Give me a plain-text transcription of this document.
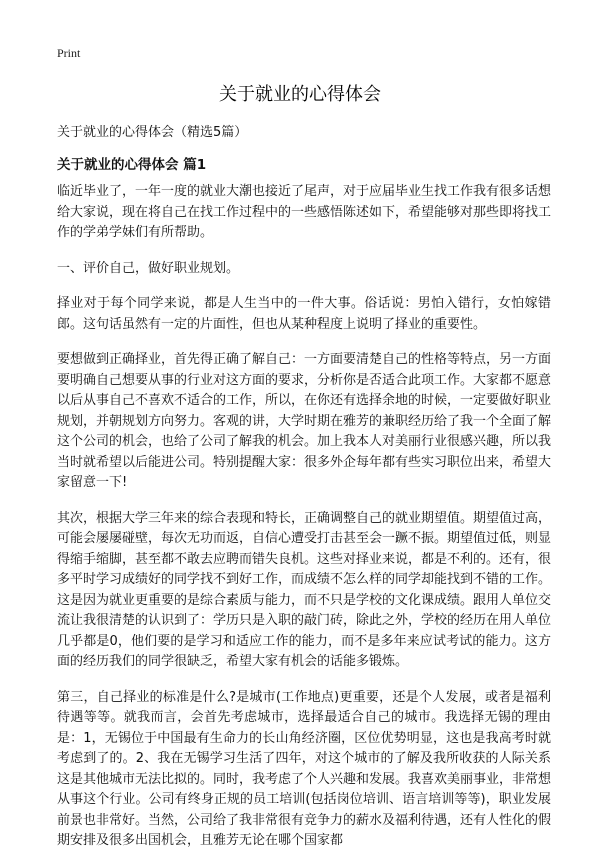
Print
关于就业的心得体会

关于就业的心得体会（精选5篇）

关于就业的心得体会 篇1

临近毕业了，一年一度的就业大潮也接近了尾声，对于应届毕业生找工作我有很多话想给大家说，现在将自己在找工作过程中的一些感悟陈述如下，希望能够对那些即将找工作的学弟学妹们有所帮助。

一、评价自己，做好职业规划。

择业对于每个同学来说，都是人生当中的一件大事。俗话说：男怕入错行，女怕嫁错郎。这句话虽然有一定的片面性，但也从某种程度上说明了择业的重要性。

要想做到正确择业，首先得正确了解自己：一方面要清楚自己的性格等特点，另一方面要明确自己想要从事的行业对这方面的要求，分析你是否适合此项工作。大家都不愿意以后从事自己不喜欢不适合的工作，所以，在你还有选择余地的时候，一定要做好职业规划，并朝规划方向努力。客观的讲，大学时期在雅芳的兼职经历给了我一个全面了解这个公司的机会，也给了公司了解我的机会。加上我本人对美丽行业很感兴趣，所以我当时就希望以后能进公司。特别提醒大家：很多外企每年都有些实习职位出来，希望大家留意一下!

其次，根据大学三年来的综合表现和特长，正确调整自己的就业期望值。期望值过高，可能会屡屡碰壁，每次无功而返，自信心遭受打击甚至会一蹶不振。期望值过低，则显得缩手缩脚，甚至都不敢去应聘而错失良机。这些对择业来说，都是不利的。还有，很多平时学习成绩好的同学找不到好工作，而成绩不怎么样的同学却能找到不错的工作。这是因为就业更重要的是综合素质与能力，而不只是学校的文化课成绩。跟用人单位交流让我很清楚的认识到了：学历只是入职的敲门砖，除此之外，学校的经历在用人单位几乎都是0，他们要的是学习和适应工作的能力，而不是多年来应试考试的能力。这方面的经历我们的同学很缺乏，希望大家有机会的话能多锻炼。

第三，自己择业的标准是什么?是城市(工作地点)更重要，还是个人发展，或者是福利待遇等等。就我而言，会首先考虑城市，选择最适合自己的城市。我选择无锡的理由是：1，无锡位于中国最有生命力的长山角经济圈，区位优势明显，这也是我高考时就考虑到了的。2、我在无锡学习生活了四年，对这个城市的了解及我所收获的人际关系这是其他城市无法比拟的。同时，我考虑了个人兴趣和发展。我喜欢美丽事业，非常想从事这个行业。公司有终身正规的员工培训(包括岗位培训、语言培训等等)，职业发展前景也非常好。当然，公司给了我非常很有竞争力的薪水及福利待遇，还有人性化的假期安排及很多出国机会，且雅芳无论在哪个国家都
